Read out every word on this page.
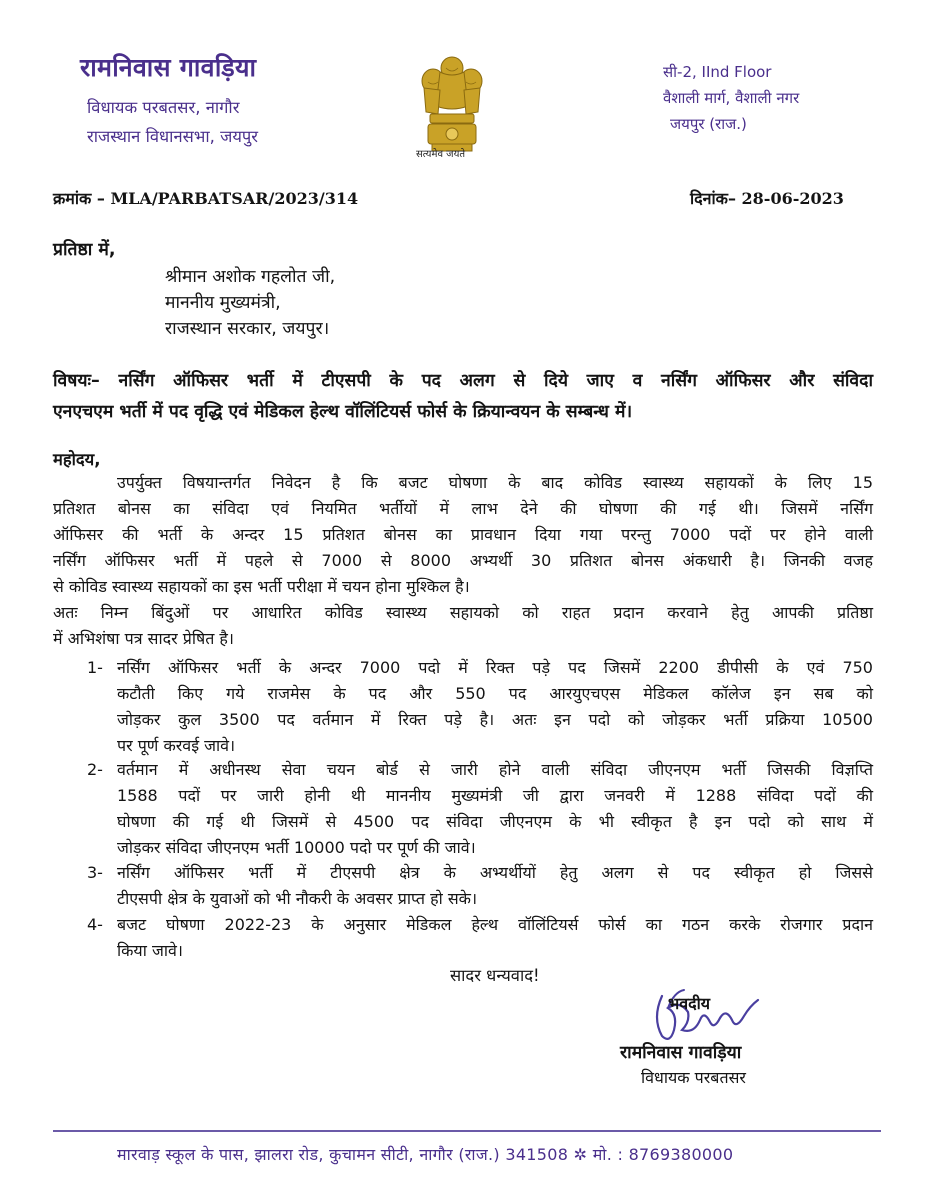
रामनिवास गावड़िया
विधायक परबतसर, नागौर
राजस्थान विधानसभा, जयपुर
सत्यमेव जयते
सी-2, IInd Floor
वैशाली मार्ग, वैशाली नगर
जयपुर (राज.)
क्रमांक – MLA/PARBATSAR/2023/314	दिनांक– 28-06-2023
प्रतिष्ठा में,
श्रीमान अशोक गहलोत जी,
माननीय मुख्यमंत्री,
राजस्थान सरकार, जयपुर।
विषयः– नर्सिंग ऑफिसर भर्ती में टीएसपी के पद अलग से दिये जाए व नर्सिंग ऑफिसर और संविदा
एनएचएम भर्ती में पद वृद्धि एवं मेडिकल हेल्थ वॉलिंटियर्स फोर्स के क्रियान्वयन के सम्बन्ध में।
महोदय,
उपर्युक्त विषयान्तर्गत निवेदन है कि बजट घोषणा के बाद कोविड स्वास्थ्य सहायकों के लिए 15
प्रतिशत बोनस का संविदा एवं नियमित भर्तीयों में लाभ देने की घोषणा की गई थी। जिसमें नर्सिंग
ऑफिसर की भर्ती के अन्दर 15 प्रतिशत बोनस का प्रावधान दिया गया परन्तु 7000 पदों पर होने वाली
नर्सिंग ऑफिसर भर्ती में पहले से 7000 से 8000 अभ्यर्थी 30 प्रतिशत बोनस अंकधारी है। जिनकी वजह
से कोविड स्वास्थ्य सहायकों का इस भर्ती परीक्षा में चयन होना मुश्किल है।
अतः निम्न बिंदुओं पर आधारित कोविड स्वास्थ्य सहायको को राहत प्रदान करवाने हेतु आपकी प्रतिष्ठा
में अभिशंषा पत्र सादर प्रेषित है।
1- नर्सिंग ऑफिसर भर्ती के अन्दर 7000 पदो में रिक्त पड़े पद जिसमें 2200 डीपीसी के एवं 750
कटौती किए गये राजमेस के पद और 550 पद आरयुएचएस मेडिकल कॉलेज इन सब को
जोड़कर कुल 3500 पद वर्तमान में रिक्त पड़े है। अतः इन पदो को जोड़कर भर्ती प्रक्रिया 10500
पर पूर्ण करवई जावे।
2- वर्तमान में अधीनस्थ सेवा चयन बोर्ड से जारी होने वाली संविदा जीएनएम भर्ती जिसकी विज्ञप्ति
1588 पदों पर जारी होनी थी माननीय मुख्यमंत्री जी द्वारा जनवरी में 1288 संविदा पदों की
घोषणा की गई थी जिसमें से 4500 पद संविदा जीएनएम के भी स्वीकृत है इन पदो को साथ में
जोड़कर संविदा जीएनएम भर्ती 10000 पदो पर पूर्ण की जावे।
3- नर्सिंग ऑफिसर भर्ती में टीएसपी क्षेत्र के अभ्यर्थीयों हेतु अलग से पद स्वीकृत हो जिससे
टीएसपी क्षेत्र के युवाओं को भी नौकरी के अवसर प्राप्त हो सके।
4- बजट घोषणा 2022-23 के अनुसार मेडिकल हेल्थ वॉलिंटियर्स फोर्स का गठन करके रोजगार प्रदान
किया जावे।
सादर धन्यवाद!
भवदीय
रामनिवास गावड़िया
विधायक परबतसर
मारवाड़ स्कूल के पास, झालरा रोड, कुचामन सीटी, नागौर (राज.) 341508 ✲ मो. : 8769380000
